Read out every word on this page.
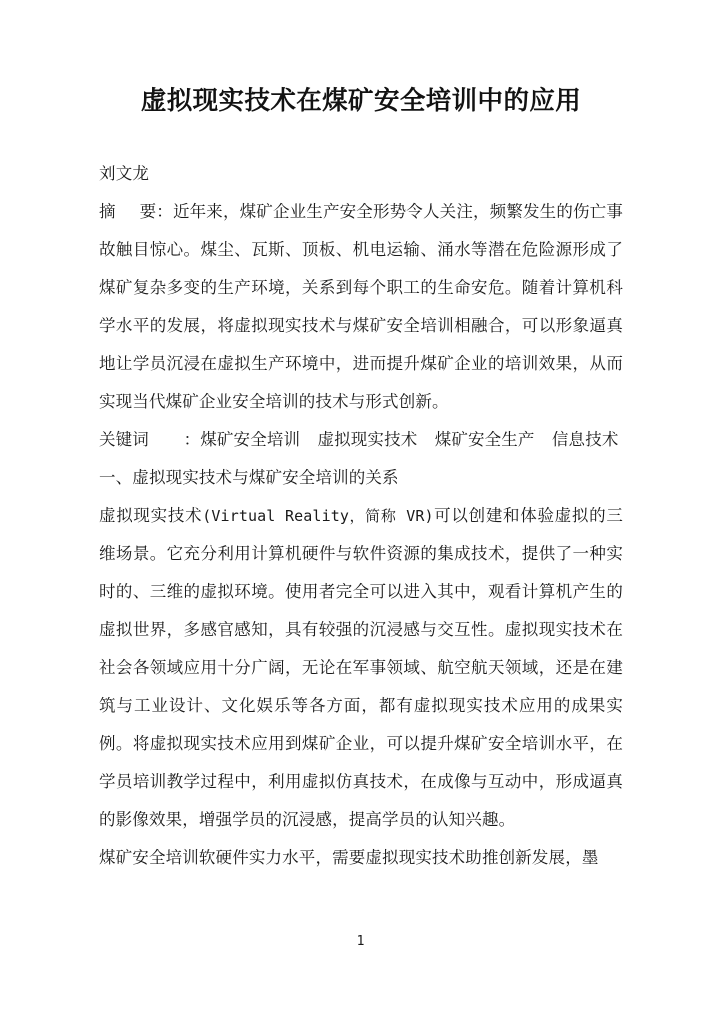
虚拟现实技术在煤矿安全培训中的应用

刘文龙

摘 要：近年来，煤矿企业生产安全形势令人关注，频繁发生的伤亡事故触目惊心。煤尘、瓦斯、顶板、机电运输、涌水等潜在危险源形成了煤矿复杂多变的生产环境，关系到每个职工的生命安危。随着计算机科学水平的发展，将虚拟现实技术与煤矿安全培训相融合，可以形象逼真地让学员沉浸在虚拟生产环境中，进而提升煤矿企业的培训效果，从而实现当代煤矿企业安全培训的技术与形式创新。

关键词 ：煤矿安全培训 虚拟现实技术 煤矿安全生产 信息技术

一、虚拟现实技术与煤矿安全培训的关系

虚拟现实技术(Virtual Reality，简称 VR)可以创建和体验虚拟的三维场景。它充分利用计算机硬件与软件资源的集成技术，提供了一种实时的、三维的虚拟环境。使用者完全可以进入其中，观看计算机产生的虚拟世界，多感官感知，具有较强的沉浸感与交互性。虚拟现实技术在社会各领域应用十分广阔，无论在军事领域、航空航天领域，还是在建筑与工业设计、文化娱乐等各方面，都有虚拟现实技术应用的成果实例。将虚拟现实技术应用到煤矿企业，可以提升煤矿安全培训水平，在学员培训教学过程中，利用虚拟仿真技术，在成像与互动中，形成逼真的影像效果，增强学员的沉浸感，提高学员的认知兴趣。

煤矿安全培训软硬件实力水平，需要虚拟现实技术助推创新发展，墨

1
